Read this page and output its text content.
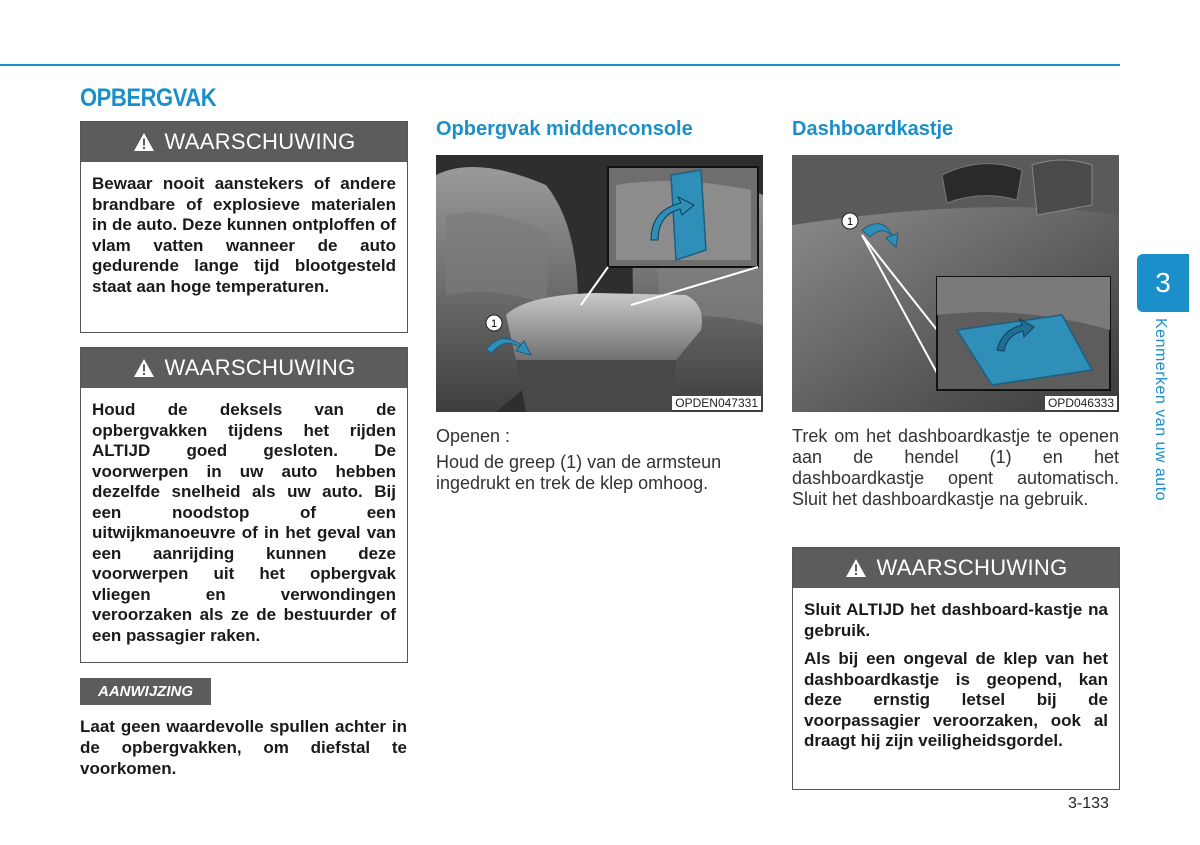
OPBERGVAK
WAARSCHUWING

Bewaar nooit aanstekers of andere brandbare of explosieve materialen in de auto. Deze kunnen ontploffen of vlam vatten wanneer de auto gedurende lange tijd blootgesteld staat aan hoge temperaturen.

WAARSCHUWING

Houd de deksels van de opbergvakken tijdens het rijden ALTIJD goed gesloten. De voorwerpen in uw auto hebben dezelfde snelheid als uw auto. Bij een noodstop of een uitwijkmanoeuvre of in het geval van een aanrijding kunnen deze voorwerpen uit het opbergvak vliegen en verwondingen veroorzaken als ze de bestuurder of een passagier raken.

AANWIJZING

Laat geen waardevolle spullen achter in de opbergvakken, om diefstal te voorkomen.

Opbergvak middenconsole
1
OPDEN047331

Openen :

Houd de greep (1) van de armsteun ingedrukt en trek de klep omhoog.

Dashboardkastje
1
OPD046333

Trek om het dashboardkastje te openen aan de hendel (1) en het dashboardkastje opent automatisch. Sluit het dashboardkastje na gebruik.

WAARSCHUWING

Sluit ALTIJD het dashboard-kastje na gebruik.

Als bij een ongeval de klep van het dashboardkastje is geopend, kan deze ernstig letsel bij de voorpassagier veroorzaken, ook al draagt hij zijn veiligheidsgordel.

3
Kenmerken van uw auto
3-133
